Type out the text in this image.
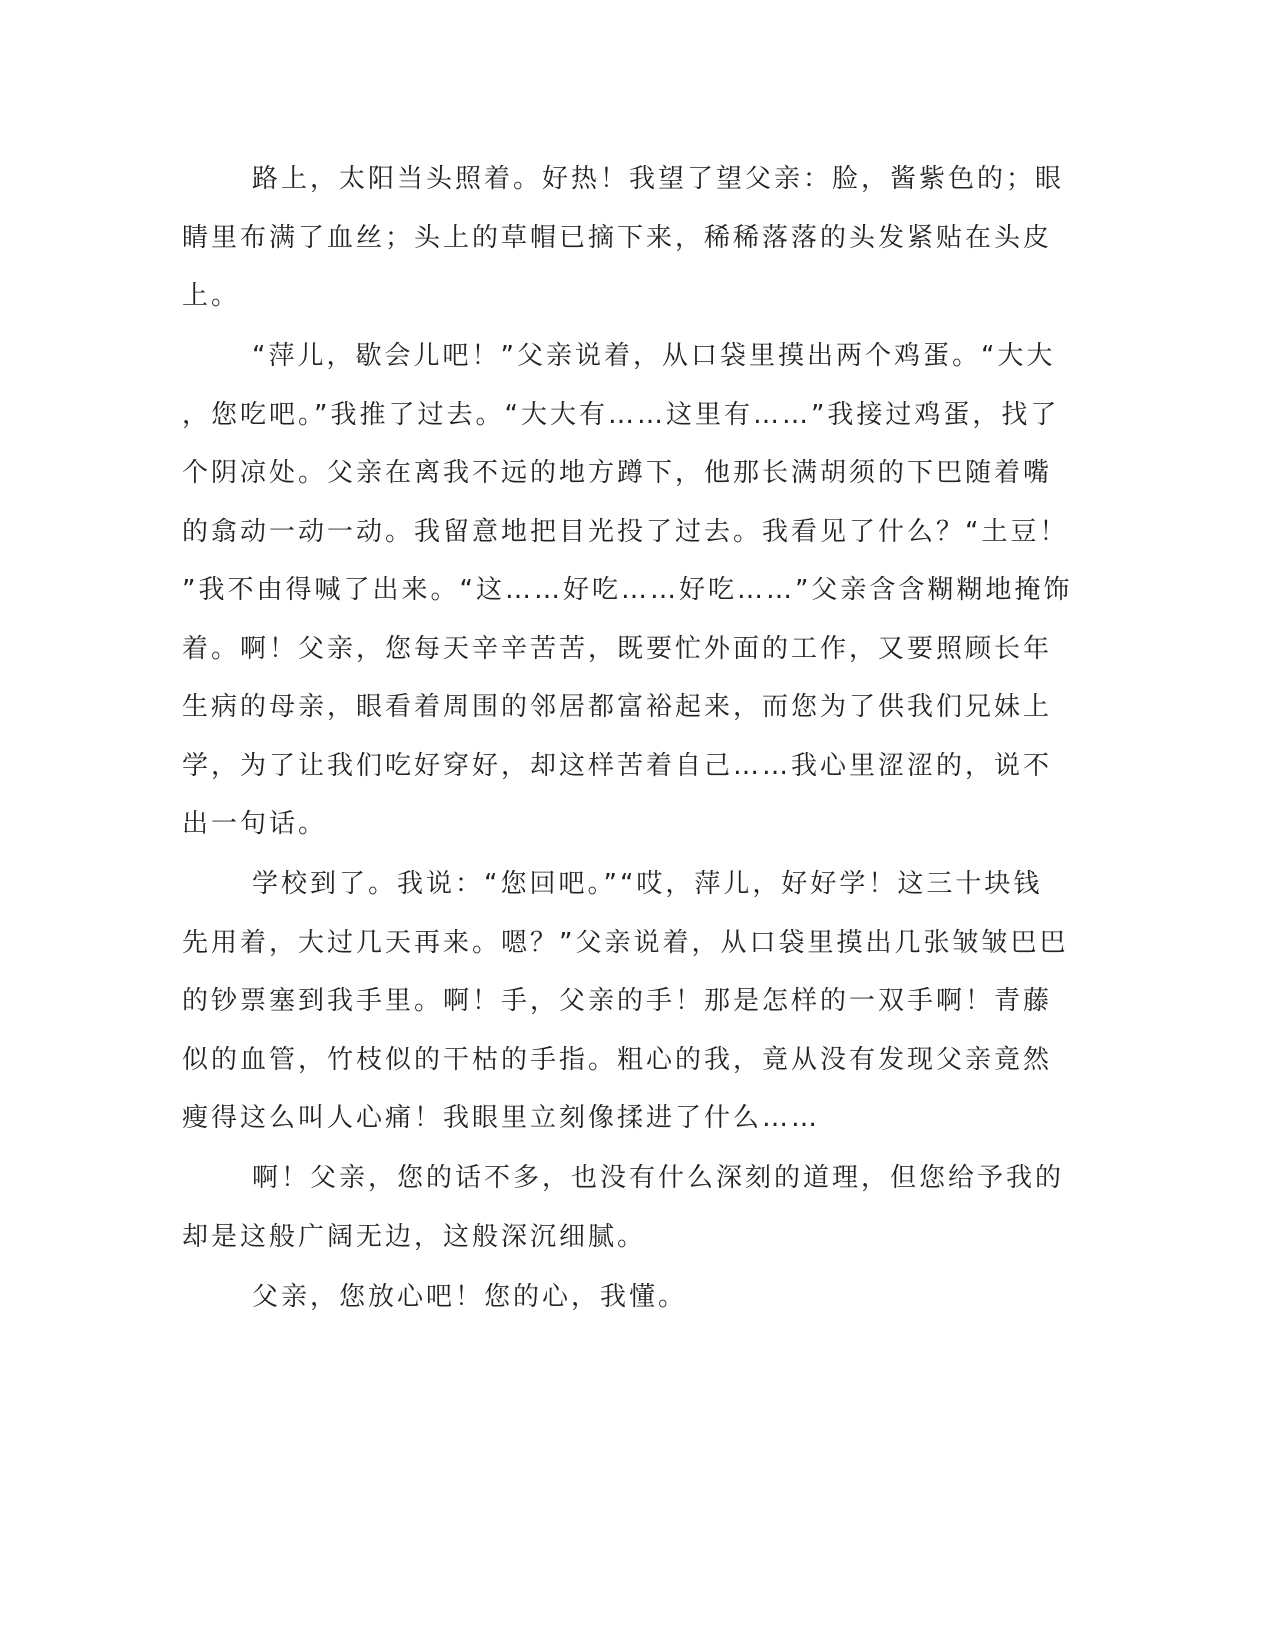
路上，太阳当头照着。好热！我望了望父亲：脸，酱紫色的；眼
睛里布满了血丝；头上的草帽已摘下来，稀稀落落的头发紧贴在头皮
上。
“萍儿，歇会儿吧！”父亲说着，从口袋里摸出两个鸡蛋。“大大
，您吃吧。”我推了过去。“大大有……这里有……”我接过鸡蛋，找了
个阴凉处。父亲在离我不远的地方蹲下，他那长满胡须的下巴随着嘴
的翕动一动一动。我留意地把目光投了过去。我看见了什么？“土豆！
”我不由得喊了出来。“这……好吃……好吃……”父亲含含糊糊地掩饰
着。啊！父亲，您每天辛辛苦苦，既要忙外面的工作，又要照顾长年
生病的母亲，眼看着周围的邻居都富裕起来，而您为了供我们兄妹上
学，为了让我们吃好穿好，却这样苦着自己……我心里涩涩的，说不
出一句话。
学校到了。我说：“您回吧。”“哎，萍儿，好好学！这三十块钱
先用着，大过几天再来。嗯？”父亲说着，从口袋里摸出几张皱皱巴巴
的钞票塞到我手里。啊！手，父亲的手！那是怎样的一双手啊！青藤
似的血管，竹枝似的干枯的手指。粗心的我，竟从没有发现父亲竟然
瘦得这么叫人心痛！我眼里立刻像揉进了什么……
啊！父亲，您的话不多，也没有什么深刻的道理，但您给予我的
却是这般广阔无边，这般深沉细腻。
父亲，您放心吧！您的心，我懂。
